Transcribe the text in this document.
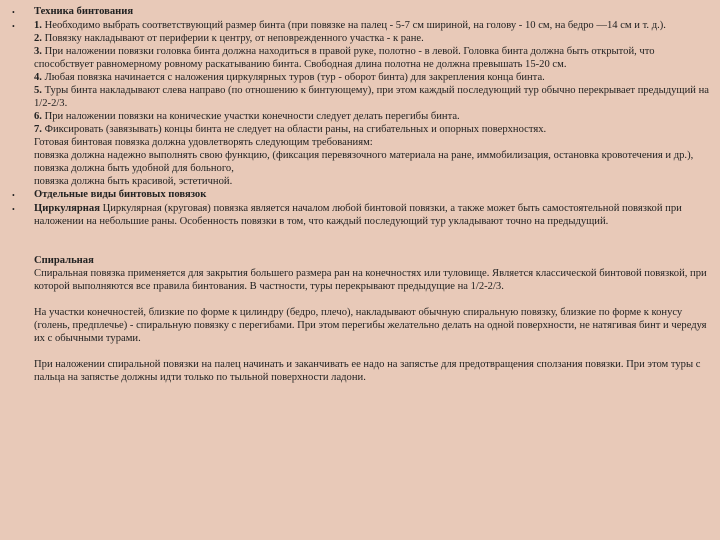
•	Техника бинтования
•	1. Необходимо выбрать соответствующий размер бинта (при повязке на палец - 5-7 см шириной, на голову - 10 см, на бедро —14 см и т. д.).

2. Повязку накладывают от периферии к центру, от неповрежденного участка - к ране.

3. При наложении повязки головка бинта должна находиться в правой руке, полотно - в левой. Головка бинта должна быть открытой, что способствует равномерному ровному раскатыванию бинта. Свободная длина полотна не должна превышать 15-20 см.

4. Любая повязка начинается с наложения циркулярных туров (тур - оборот бинта) для закрепления конца бинта.

5. Туры бинта накладывают слева направо (по отношению к бинтующему), при этом каждый последующий тур обычно перекрывает предыдущий на 1/2-2/3.

6. При наложении повязки на конические участки конечности следует делать перегибы бинта.

7. Фиксировать (завязывать) концы бинта не следует на области раны, на сгибательных и опорных поверхностях.

Готовая бинтовая повязка должна удовлетворять следующим требованиям:

повязка должна надежно выполнять свою функцию, (фиксация перевязочного материала на ране, иммобилизация, остановка кровотечения и др.),

повязка должна быть удобной для больного,

повязка должна быть красивой, эстетичной.

•	Отдельные виды бинтовых повязок
•	Циркулярная Циркулярная (круговая) повязка является началом любой бинтовой повязки, а также может быть самостоятельной повязкой при наложении на небольшие раны. Особенность повязки в том, что каждый последующий тур укладывают точно на предыдущий.

Спиральная

Спиральная повязка применяется для закрытия большего размера ран на конечностях или туловище. Является классической бинтовой повязкой, при которой выполняются все правила бинтования. В частности, туры перекрывают предыдущие на 1/2-2/3.

На участки конечностей, близкие по форме к цилиндру (бедро, плечо), накладывают обычную спиральную повязку, близкие по форме к конусу (голень, предплечье) - спиральную повязку с перегибами. При этом перегибы желательно делать на одной поверхности, не натягивая бинт и чередуя их с обычными турами.

При наложении спиральной повязки на палец начинать и заканчивать ее надо на запястье для предотвращения сползания повязки. При этом туры с пальца на запястье должны идти только по тыльной поверхности ладони.
